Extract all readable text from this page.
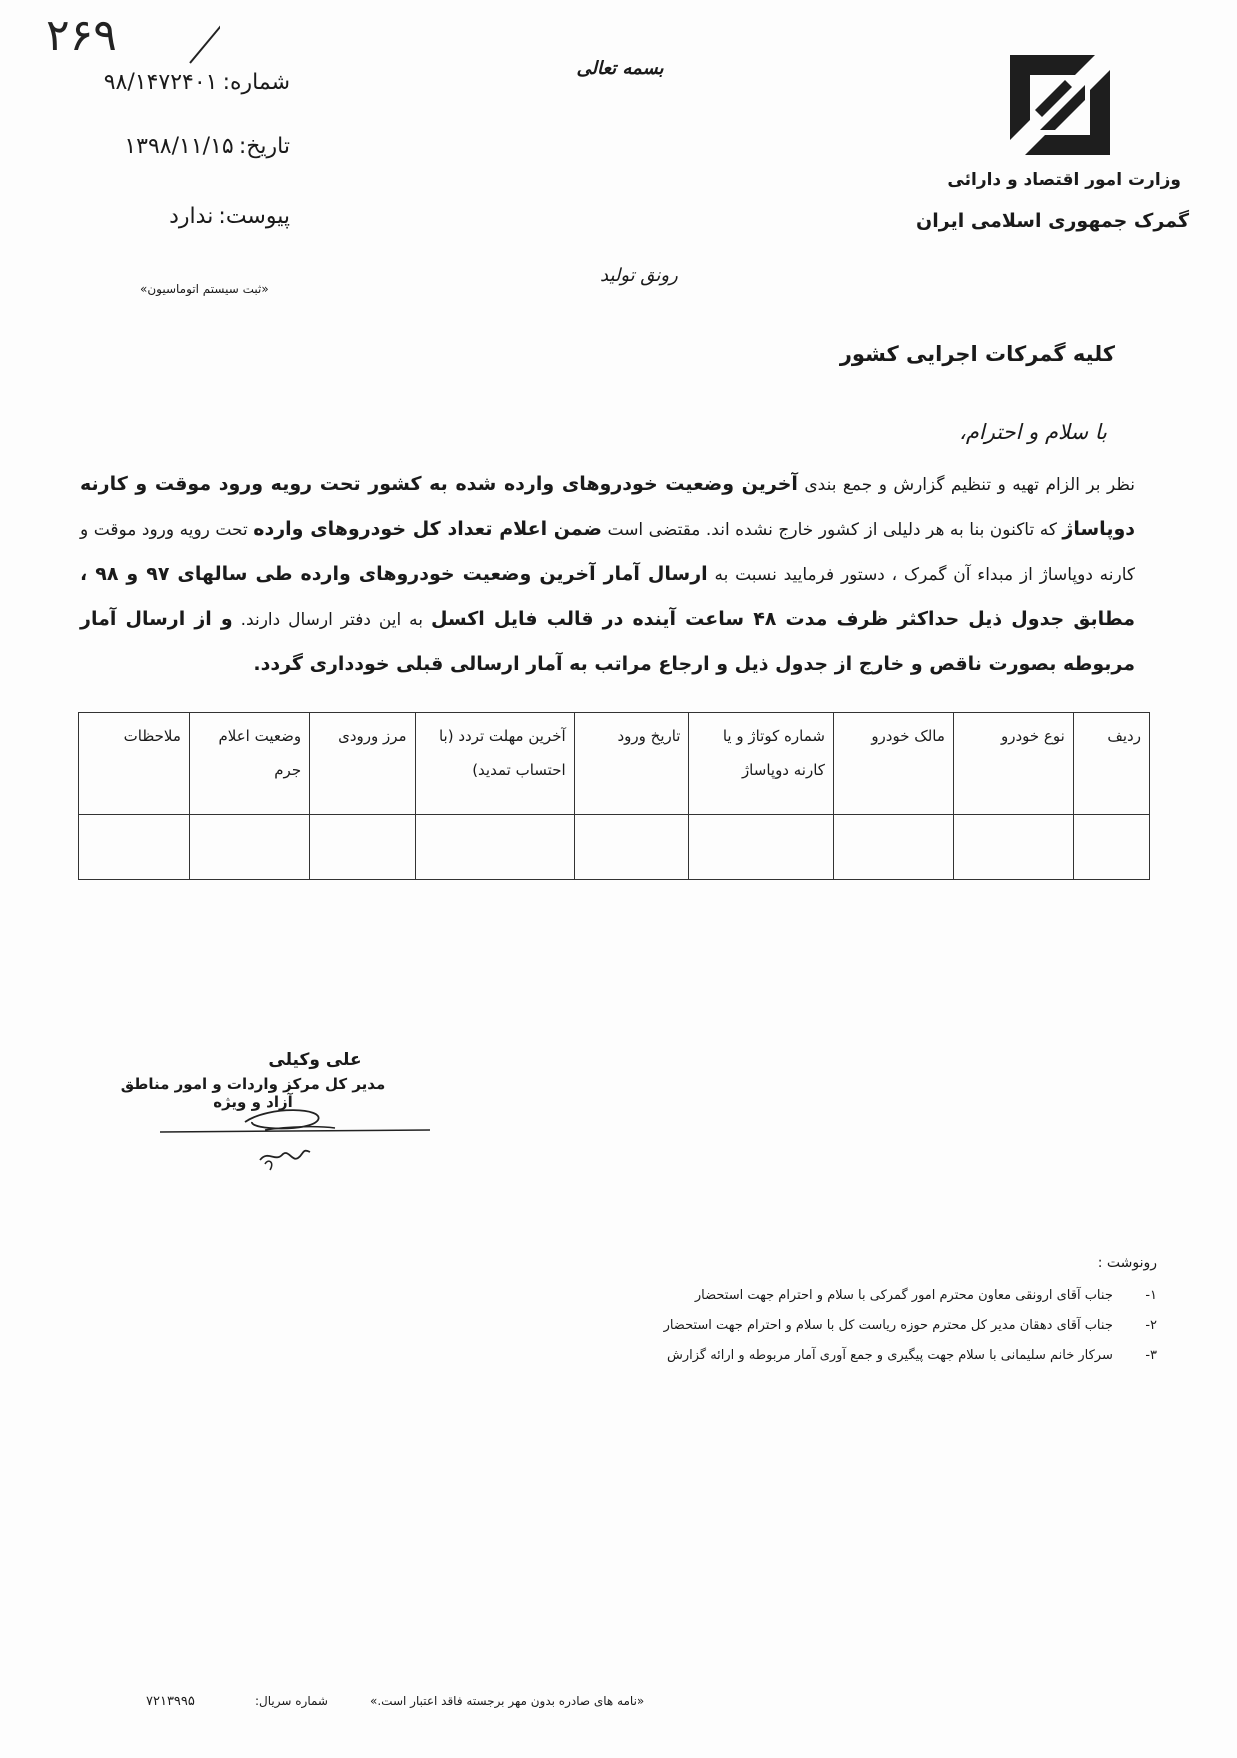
۲۶۹
شماره: ۹۸/۱۴۷۲۴۰۱
تاریخ: ۱۳۹۸/۱۱/۱۵
پیوست: ندارد
«ثبت سیستم اتوماسیون»
بسمه تعالی
وزارت امور اقتصاد و دارائی
گمرک جمهوری اسلامی ایران
رونق تولید
کلیه گمرکات اجرایی کشور
با سلام و احترام،
نظر بر الزام تهیه و تنظیم گزارش و جمع بندی آخرین وضعیت خودروهای وارده شده به کشور تحت رویه ورود موقت و کارنه دوپاساژ که تاکنون بنا به هر دلیلی از کشور خارج نشده اند. مقتضی است ضمن اعلام تعداد کل خودروهای وارده تحت رویه ورود موقت و کارنه دوپاساژ از مبداء آن گمرک ، دستور فرمایید نسبت به ارسال آمار آخرین وضعیت خودروهای وارده طی سالهای ۹۷ و ۹۸ ، مطابق جدول ذیل حداکثر ظرف مدت ۴۸ ساعت آینده در قالب فایل اکسل به این دفتر ارسال دارند. و از ارسال آمار مربوطه بصورت ناقص و خارج از جدول ذیل و ارجاع مراتب به آمار ارسالی قبلی خودداری گردد.
ردیف	نوع خودرو	مالک خودرو	شماره کوتاژ و یا کارنه دوپاساژ	تاریخ ورود	آخرین مهلت تردد (با احتساب تمدید)	مرز ورودی	وضعیت اعلام جرم	ملاحظات

علی وکیلی
مدیر کل مرکز واردات و امور مناطق آزاد و ویژه
رونوشت :
۱- جناب آقای ارونقی معاون محترم امور گمرکی با سلام و احترام جهت استحضار
۲- جناب آقای دهقان مدیر کل محترم حوزه ریاست کل با سلام و احترام جهت استحضار
۳- سرکار خانم سلیمانی با سلام جهت پیگیری و جمع آوری آمار مربوطه و ارائه گزارش
«نامه های صادره بدون مهر برجسته فاقد اعتبار است.»
شماره سریال:
۷۲۱۳۹۹۵
